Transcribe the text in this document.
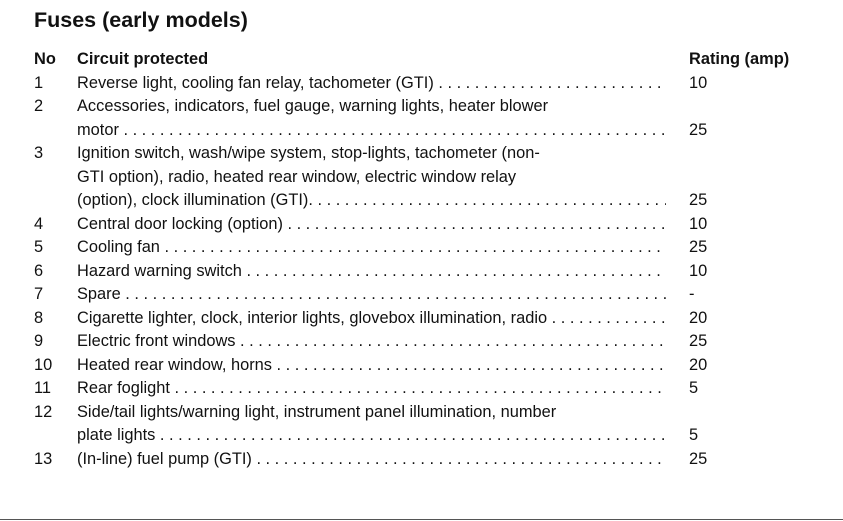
Fuses (early models)
No	Circuit protected	Rating (amp)
1	Reverse light, cooling fan relay, tachometer (GTI) . . .	10
2	Accessories, indicators, fuel gauge, warning lights, heater blower
motor . . .	25
3	Ignition switch, wash/wipe system, stop-lights, tachometer (non-
GTI option), radio, heated rear window, electric window relay
(option), clock illumination (GTI). . . .	25
4	Central door locking (option) . . .	10
5	Cooling fan . . .	25
6	Hazard warning switch . . .	10
7	Spare . . .	-
8	Cigarette lighter, clock, interior lights, glovebox illumination, radio . . .	20
9	Electric front windows . . .	25
10	Heated rear window, horns . . .	20
11	Rear foglight . . .	5
12	Side/tail lights/warning light, instrument panel illumination, number
plate lights . . .	5
13	(In-line) fuel pump (GTI) . . .	25
